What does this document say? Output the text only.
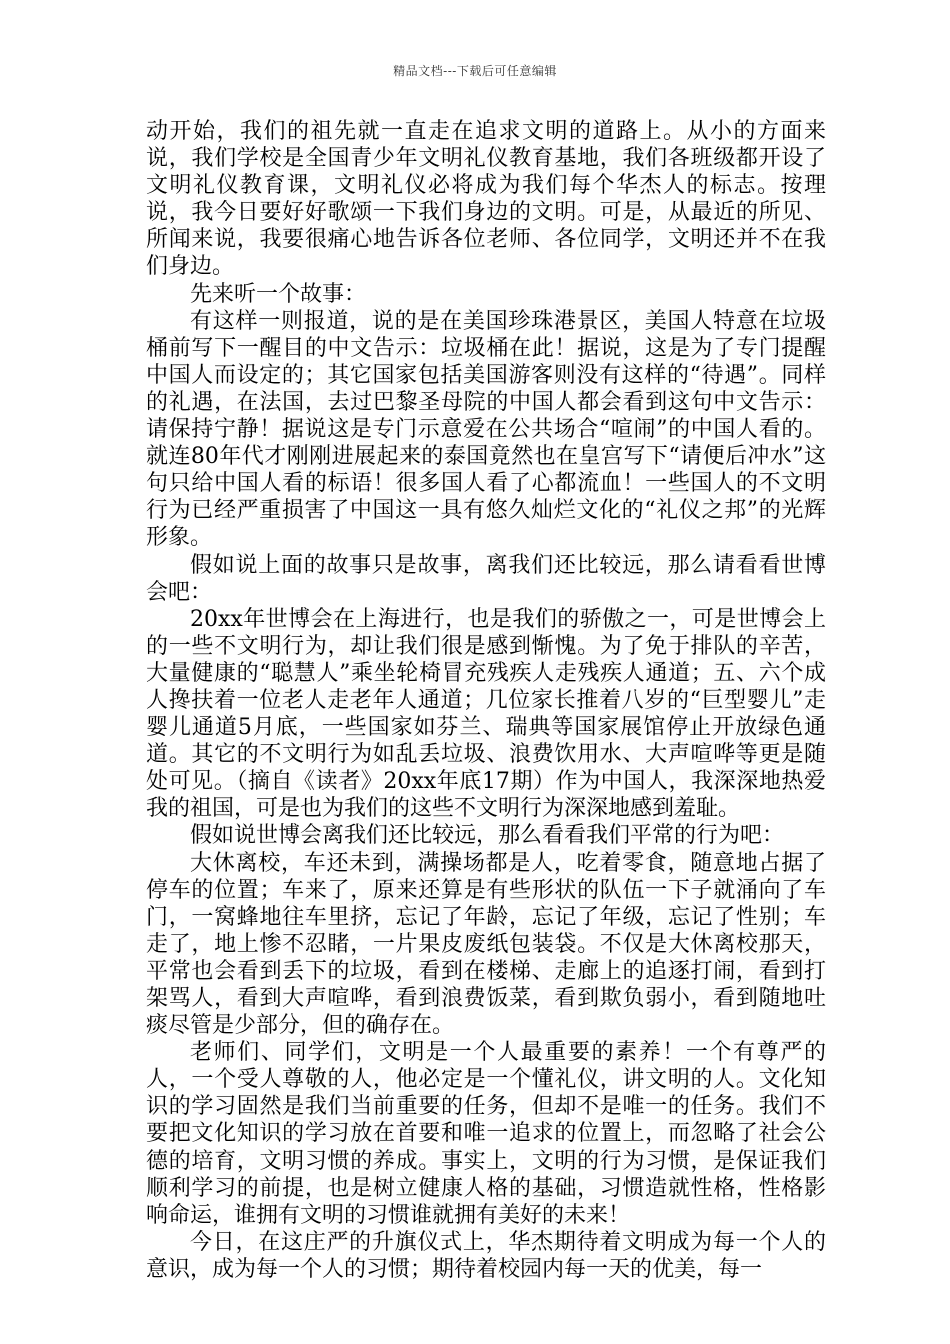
精品文档---下载后可任意编辑

动开始，我们的祖先就一直走在追求文明的道路上。从小的方面来说，我们学校是全国青少年文明礼仪教育基地，我们各班级都开设了文明礼仪教育课，文明礼仪必将成为我们每个华杰人的标志。按理说，我今日要好好歌颂一下我们身边的文明。可是，从最近的所见、所闻来说，我要很痛心地告诉各位老师、各位同学，文明还并不在我们身边。

先来听一个故事：

有这样一则报道，说的是在美国珍珠港景区，美国人特意在垃圾桶前写下一醒目的中文告示：垃圾桶在此！据说，这是为了专门提醒中国人而设定的；其它国家包括美国游客则没有这样的“待遇”。同样的礼遇，在法国，去过巴黎圣母院的中国人都会看到这句中文告示：请保持宁静！据说这是专门示意爱在公共场合“喧闹”的中国人看的。就连80年代才刚刚进展起来的泰国竟然也在皇宫写下“请便后冲水”这句只给中国人看的标语！很多国人看了心都流血！一些国人的不文明行为已经严重损害了中国这一具有悠久灿烂文化的“礼仪之邦”的光辉形象。

假如说上面的故事只是故事，离我们还比较远，那么请看看世博会吧：

20xx年世博会在上海进行，也是我们的骄傲之一，可是世博会上的一些不文明行为，却让我们很是感到惭愧。为了免于排队的辛苦，大量健康的“聪慧人”乘坐轮椅冒充残疾人走残疾人通道；五、六个成人搀扶着一位老人走老年人通道；几位家长推着八岁的“巨型婴儿”走婴儿通道5月底，一些国家如芬兰、瑞典等国家展馆停止开放绿色通道。其它的不文明行为如乱丢垃圾、浪费饮用水、大声喧哗等更是随处可见。（摘自《读者》20xx年底17期）作为中国人，我深深地热爱我的祖国，可是也为我们的这些不文明行为深深地感到羞耻。

假如说世博会离我们还比较远，那么看看我们平常的行为吧：

大休离校，车还未到，满操场都是人，吃着零食，随意地占据了停车的位置；车来了，原来还算是有些形状的队伍一下子就涌向了车门，一窝蜂地往车里挤，忘记了年龄，忘记了年级，忘记了性别；车走了，地上惨不忍睹，一片果皮废纸包装袋。不仅是大休离校那天，平常也会看到丢下的垃圾，看到在楼梯、走廊上的追逐打闹，看到打架骂人，看到大声喧哗，看到浪费饭菜，看到欺负弱小，看到随地吐痰尽管是少部分，但的确存在。

老师们、同学们，文明是一个人最重要的素养！一个有尊严的人，一个受人尊敬的人，他必定是一个懂礼仪，讲文明的人。文化知识的学习固然是我们当前重要的任务，但却不是唯一的任务。我们不要把文化知识的学习放在首要和唯一追求的位置上，而忽略了社会公德的培育，文明习惯的养成。事实上，文明的行为习惯，是保证我们顺利学习的前提，也是树立健康人格的基础，习惯造就性格，性格影响命运，谁拥有文明的习惯谁就拥有美好的未来！

今日，在这庄严的升旗仪式上，华杰期待着文明成为每一个人的意识，成为每一个人的习惯；期待着校园内每一天的优美，每一
